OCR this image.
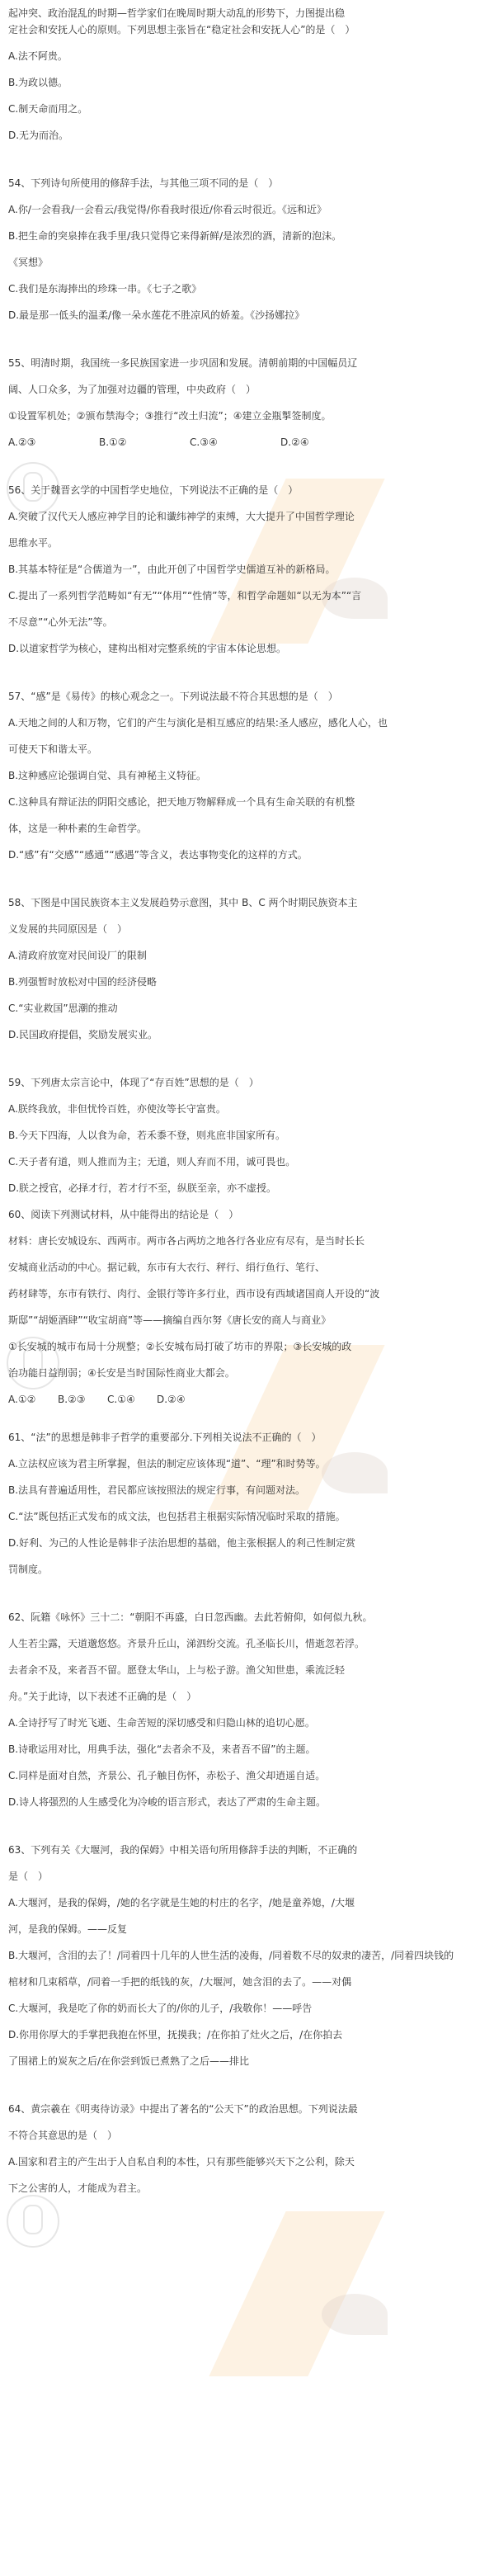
起冲突、政治混乱的时期—哲学家们在晚周时期大动乱的形势下，力图提出稳
定社会和安抚人心的原则。下列思想主张旨在“稳定社会和安抚人心”的是（　）
A.法不阿贵。
B.为政以德。
C.制天命而用之。
D.无为而治。
54、下列诗句所使用的修辞手法，与其他三项不同的是（　）
A.你/一会看我/一会看云/我觉得/你看我时很近/你看云时很近。《远和近》
B.把生命的突泉捧在我手里/我只觉得它来得新鲜/是浓烈的酒，清新的泡沫。
《冥想》
C.我们是东海捧出的珍珠一串。《七子之歌》
D.最是那一低头的温柔/像一朵水莲花不胜凉风的娇羞。《沙扬娜拉》
55、明清时期，我国统一多民族国家进一步巩固和发展。清朝前期的中国幅员辽
阔、人口众多，为了加强对边疆的管理，中央政府（　）
①设置军机处；②颁布禁海令；③推行“改土归流”；④建立金瓶掣签制度。
A.②③	B.①②	C.③④	D.②④
56、关于魏晋玄学的中国哲学史地位，下列说法不正确的是（　）
A.突破了汉代天人感应神学目的论和谶纬神学的束缚，大大提升了中国哲学理论
思维水平。
B.其基本特征是“合儒道为一”，由此开创了中国哲学史儒道互补的新格局。
C.提出了一系列哲学范畴如“有无”“体用”“性情”等，和哲学命题如“以无为本”“言
不尽意”“心外无法”等。
D.以道家哲学为核心，建构出相对完整系统的宇宙本体论思想。
57、“感”是《易传》的核心观念之一。下列说法最不符合其思想的是（　）
A.天地之间的人和万物，它们的产生与演化是相互感应的结果:圣人感应，感化人心，也
可使天下和谐太平。
B.这种感应论强调自觉、具有神秘主义特征。
C.这种具有辩证法的阴阳交感论，把天地万物解释成一个具有生命关联的有机整
体，这是一种朴素的生命哲学。
D.“感”有“交感”“感通”“感遇”等含义，表达事物变化的这样的方式。
58、下图是中国民族资本主义发展趋势示意图，其中 B、C 两个时期民族资本主
义发展的共同原因是（　）
A.清政府放宽对民间设厂的限制
B.列强暂时放松对中国的经济侵略
C.“实业救国”思潮的推动
D.民国政府提倡，奖励发展实业。
59、下列唐太宗言论中，体现了“存百姓”思想的是（　）
A.朕终我放，非但忧怜百姓，亦使汝等长守富贵。
B.今天下四海，人以食为命，若禾黍不登，则兆庶非国家所有。
C.天子者有道，则人推而为主；无道，则人弃而不用，诚可畏也。
D.朕之授官，必择才行，若才行不至，纵朕至亲，亦不虚授。
60、阅读下列测试材料，从中能得出的结论是（　）
材料：唐长安城设东、西两市。两市各占两坊之地各行各业应有尽有，是当时长长
安城商业活动的中心。据记载，东市有大衣行、秤行、绢行鱼行、笔行、
药材肆等，东市有铁行、肉行、金银行等许多行业，西市设有西域诸国商人开设的“波
斯邸”“胡姬酒肆”“收宝胡商”等——摘编自西尔努《唐长安的商人与商业》
①长安城的城市布局十分规整；②长安城布局打破了坊市的界限；③长安城的政
治功能日益削弱；④长安是当时国际性商业大都会。
A.①② B.②③ C.①④ D.②④
61、“法”的思想是韩非子哲学的重要部分.下列相关说法不正确的（　）
A.立法权应该为君主所掌握，但法的制定应该体现“道”、“理”和时势等。
B.法具有普遍适用性，君民都应该按照法的规定行事，有问题对法。
C.“法”既包括正式发布的成文法，也包括君主根据实际情况临时采取的措施。
D.好利、为己的人性论是韩非子法治思想的基础，他主张根据人的利己性制定赏
罚制度。
62、阮籍《咏怀》三十二：“朝阳不再盛，白日忽西幽。去此若俯仰，如何似九秋。
人生若尘露，天道邈悠悠。齐景升丘山，涕泗纷交流。孔圣临长川，惜逝忽若浮。
去者余不及，来者吾不留。愿登太华山，上与松子游。渔父知世患，乘流泛轻
舟。”关于此诗，以下表述不正确的是（　）
A.全诗抒写了时光飞逝、生命苦短的深切感受和归隐山林的追切心愿。
B.诗歌运用对比，用典手法，强化“去者余不及，来者吾不留”的主题。
C.同样是面对自然，齐景公、孔子触目伤怀，赤松子、渔父却逍遥自适。
D.诗人将强烈的人生感受化为冷峻的语言形式，表达了严肃的生命主题。
63、下列有关《大堰河，我的保姆》中相关语句所用修辞手法的判断，不正确的
是（　）
A.大堰河，是我的保姆，/她的名字就是生她的村庄的名字，/她是童养媳，/大堰
河，是我的保姆。——反复
B.大堰河，含泪的去了！/同着四十几年的人世生活的凌侮，/同着数不尽的奴隶的凄苦，/同着四块钱的
棺材和几束稻草，/同着一手把的纸钱的灰，/大堰河，她含泪的去了。——对偶
C.大堰河，我是吃了你的奶而长大了的/你的儿子，/我敬你！——呼告
D.你用你厚大的手掌把我抱在怀里，抚摸我；/在你拍了灶火之后，/在你拍去
了围裙上的炭灰之后/在你尝到饭已煮熟了之后——排比
64、黄宗羲在《明夷待访录》中提出了著名的“公天下”的政治思想。下列说法最
不符合其意思的是（　）
A.国家和君主的产生出于人自私自利的本性，只有那些能够兴天下之公利，除天
下之公害的人，才能成为君主。
